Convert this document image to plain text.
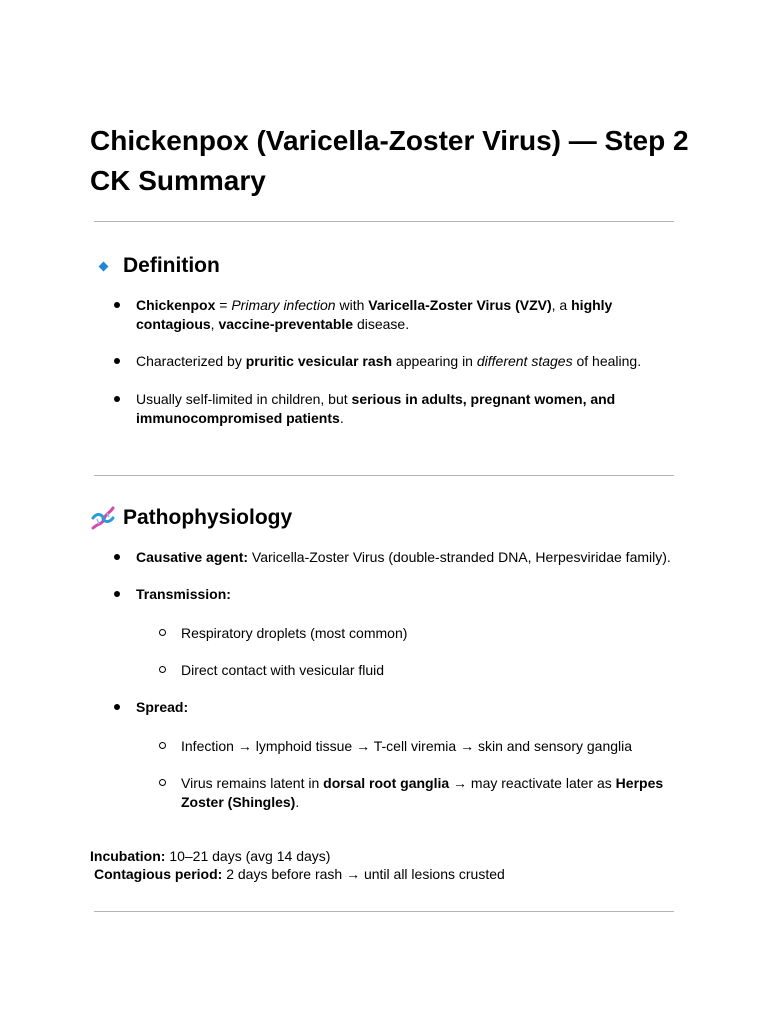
Chickenpox (Varicella-Zoster Virus) — Step 2 CK Summary
Definition
Chickenpox = Primary infection with Varicella-Zoster Virus (VZV), a highly contagious, vaccine-preventable disease.
Characterized by pruritic vesicular rash appearing in different stages of healing.
Usually self-limited in children, but serious in adults, pregnant women, and immunocompromised patients.
Pathophysiology
Causative agent: Varicella-Zoster Virus (double-stranded DNA, Herpesviridae family).
Transmission:
Respiratory droplets (most common)
Direct contact with vesicular fluid
Spread:
Infection → lymphoid tissue → T-cell viremia → skin and sensory ganglia
Virus remains latent in dorsal root ganglia → may reactivate later as Herpes Zoster (Shingles).
Incubation: 10–21 days (avg 14 days)
Contagious period: 2 days before rash → until all lesions crusted
